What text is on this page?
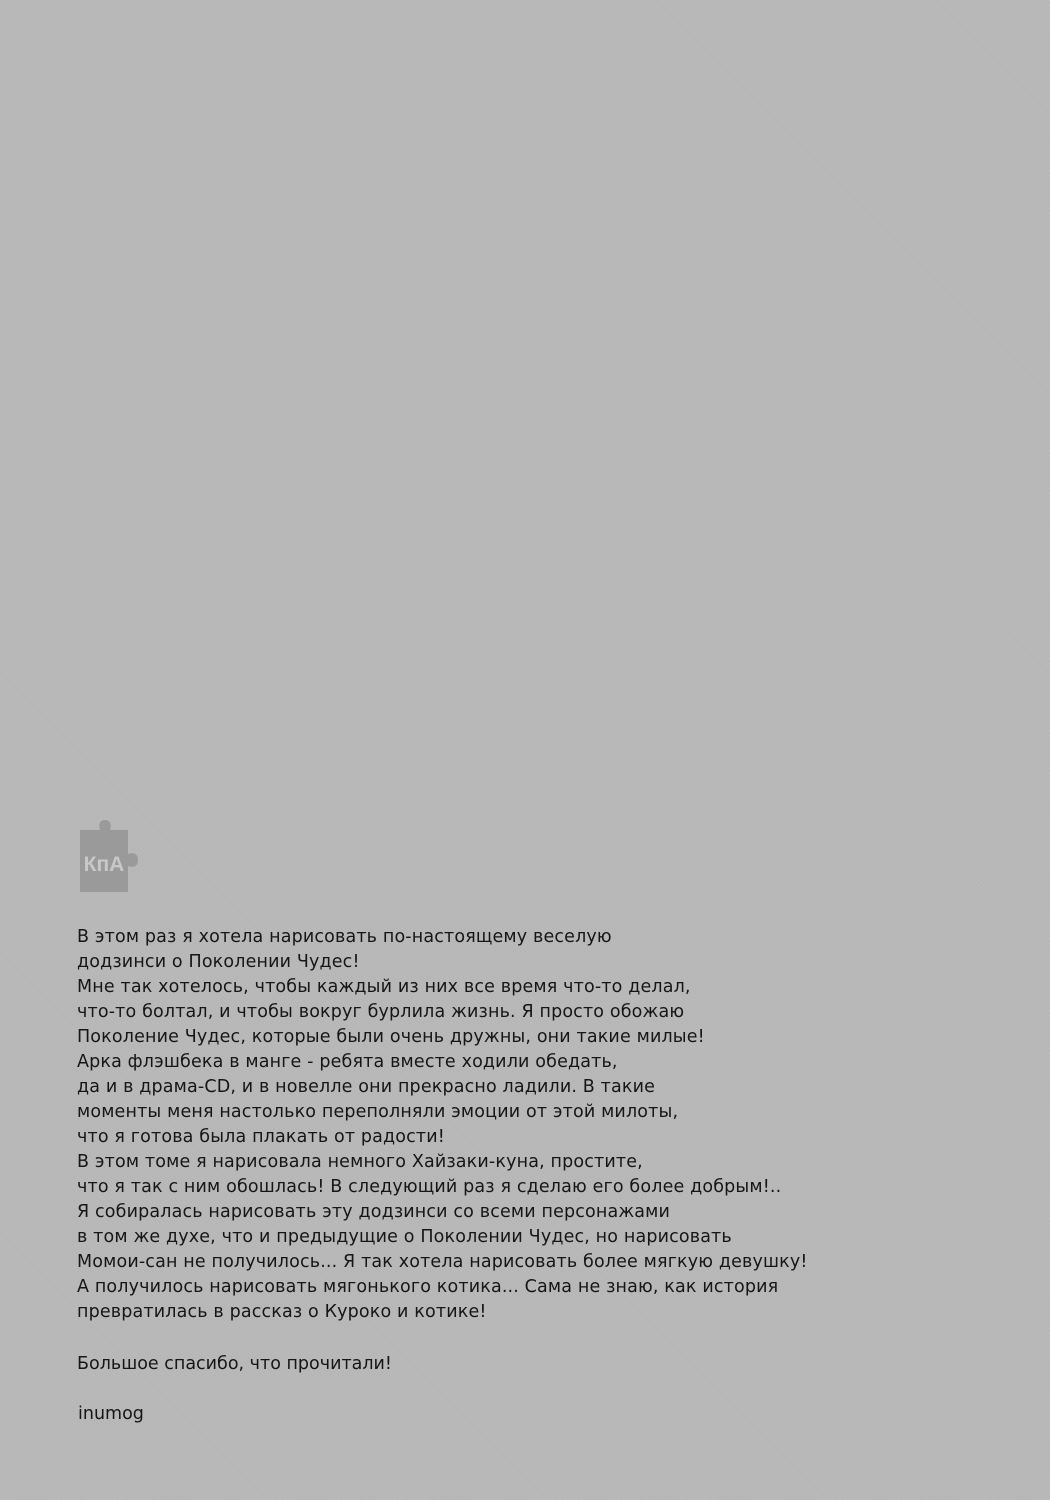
КпА
В этом раз я хотела нарисовать по-настоящему веселую
додзинси о Поколении Чудес!
Мне так хотелось, чтобы каждый из них все время что-то делал,
что-то болтал, и чтобы вокруг бурлила жизнь. Я просто обожаю
Поколение Чудес, которые были очень дружны, они такие милые!
Арка флэшбека в манге - ребята вместе ходили обедать,
да и в драма-CD, и в новелле они прекрасно ладили. В такие
моменты меня настолько переполняли эмоции от этой милоты,
что я готова была плакать от радости!
В этом томе я нарисовала немного Хайзаки-куна, простите,
что я так с ним обошлась! В следующий раз я сделаю его более добрым!..
Я собиралась нарисовать эту додзинси со всеми персонажами
в том же духе, что и предыдущие о Поколении Чудес, но нарисовать
Момои-сан не получилось... Я так хотела нарисовать более мягкую девушку!
А получилось нарисовать мягонького котика... Сама не знаю, как история
превратилась в рассказ о Куроко и котике!
Большое спасибо, что прочитали!
inumog
